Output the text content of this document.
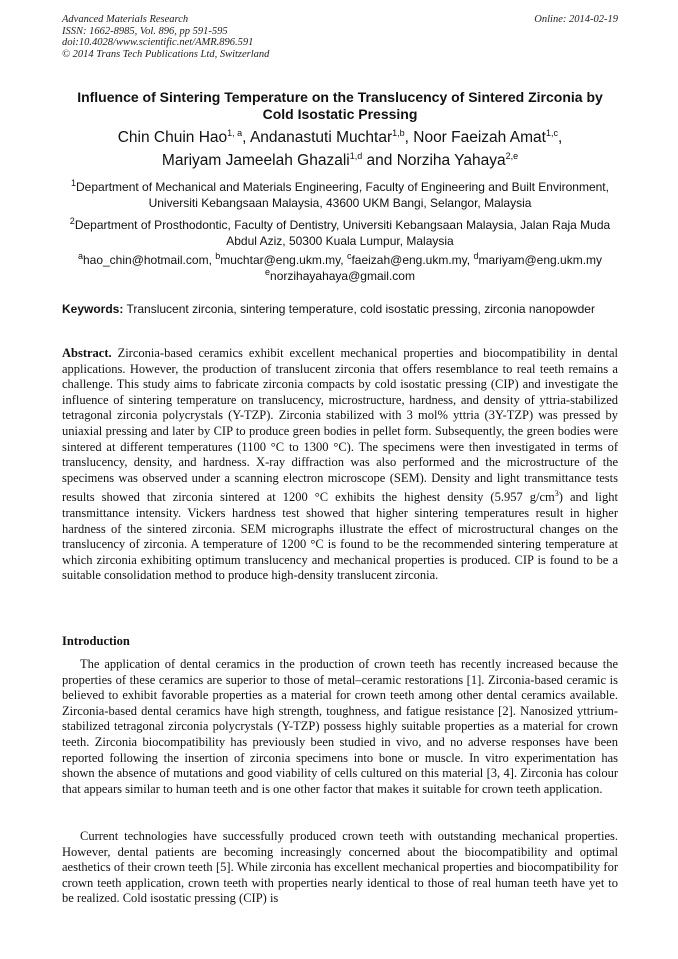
Advanced Materials Research
ISSN: 1662-8985, Vol. 896, pp 591-595
doi:10.4028/www.scientific.net/AMR.896.591
© 2014 Trans Tech Publications Ltd, Switzerland
Online: 2014-02-19
Influence of Sintering Temperature on the Translucency of Sintered Zirconia by Cold Isostatic Pressing
Chin Chuin Hao$^{1, a}$, Andanastuti Muchtar$^{1,b}$, Noor Faeizah Amat$^{1,c}$,
Mariyam Jameelah Ghazali$^{1,d}$ and Norziha Yahaya$^{2,e}$
$^1$Department of Mechanical and Materials Engineering, Faculty of Engineering and Built Environment, Universiti Kebangsaan Malaysia, 43600 UKM Bangi, Selangor, Malaysia
$^2$Department of Prosthodontic, Faculty of Dentistry, Universiti Kebangsaan Malaysia, Jalan Raja Muda Abdul Aziz, 50300 Kuala Lumpur, Malaysia
$^a$hao_chin@hotmail.com, $^b$muchtar@eng.ukm.my, $^c$faeizah@eng.ukm.my, $^d$mariyam@eng.ukm.my
$^e$norzihayahaya@gmail.com
Keywords: Translucent zirconia, sintering temperature, cold isostatic pressing, zirconia nanopowder

Abstract. Zirconia-based ceramics exhibit excellent mechanical properties and biocompatibility in dental applications. However, the production of translucent zirconia that offers resemblance to real teeth remains a challenge. This study aims to fabricate zirconia compacts by cold isostatic pressing (CIP) and investigate the influence of sintering temperature on translucency, microstructure, hardness, and density of yttria-stabilized tetragonal zirconia polycrystals (Y-TZP). Zirconia stabilized with 3 mol% yttria (3Y-TZP) was pressed by uniaxial pressing and later by CIP to produce green bodies in pellet form. Subsequently, the green bodies were sintered at different temperatures (1100 °C to 1300 °C). The specimens were then investigated in terms of translucency, density, and hardness. X-ray diffraction was also performed and the microstructure of the specimens was observed under a scanning electron microscope (SEM). Density and light transmittance tests results showed that zirconia sintered at 1200 °C exhibits the highest density (5.957 $g/cm^3$) and light transmittance intensity. Vickers hardness test showed that higher sintering temperatures result in higher hardness of the sintered zirconia. SEM micrographs illustrate the effect of microstructural changes on the translucency of zirconia. A temperature of 1200 °C is found to be the recommended sintering temperature at which zirconia exhibiting optimum translucency and mechanical properties is produced. CIP is found to be a suitable consolidation method to produce high-density translucent zirconia.

Introduction

The application of dental ceramics in the production of crown teeth has recently increased because the properties of these ceramics are superior to those of metal–ceramic restorations [1]. Zirconia-based ceramic is believed to exhibit favorable properties as a material for crown teeth among other dental ceramics available. Zirconia-based dental ceramics have high strength, toughness, and fatigue resistance [2]. Nanosized yttrium-stabilized tetragonal zirconia polycrystals (Y-TZP) possess highly suitable properties as a material for crown teeth. Zirconia biocompatibility has previously been studied in vivo, and no adverse responses have been reported following the insertion of zirconia specimens into bone or muscle. In vitro experimentation has shown the absence of mutations and good viability of cells cultured on this material [3, 4]. Zirconia has colour that appears similar to human teeth and is one other factor that makes it suitable for crown teeth application.

Current technologies have successfully produced crown teeth with outstanding mechanical properties. However, dental patients are becoming increasingly concerned about the biocompatibility and optimal aesthetics of their crown teeth [5]. While zirconia has excellent mechanical properties and biocompatibility for crown teeth application, crown teeth with properties nearly identical to those of real human teeth have yet to be realized. Cold isostatic pressing (CIP) is
